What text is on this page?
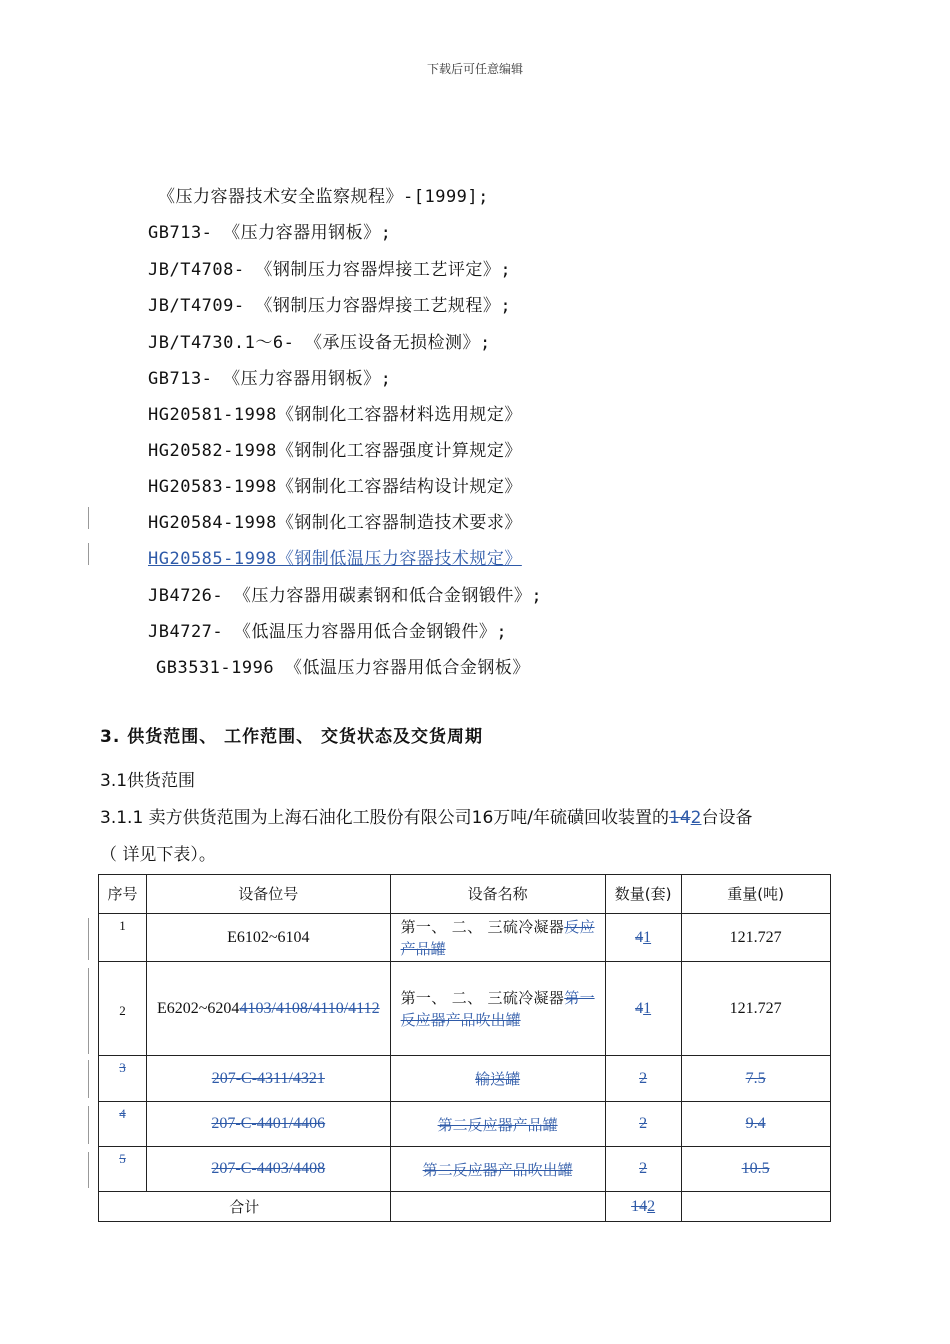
下载后可任意编辑
《压力容器技术安全监察规程》-[1999];
GB713- 《压力容器用钢板》;
JB/T4708- 《钢制压力容器焊接工艺评定》;
JB/T4709- 《钢制压力容器焊接工艺规程》;
JB/T4730.1～6- 《承压设备无损检测》;
GB713- 《压力容器用钢板》;
HG20581-1998《钢制化工容器材料选用规定》
HG20582-1998《钢制化工容器强度计算规定》
HG20583-1998《钢制化工容器结构设计规定》
HG20584-1998《钢制化工容器制造技术要求》
HG20585-1998《钢制低温压力容器技术规定》
JB4726- 《压力容器用碳素钢和低合金钢锻件》;
JB4727- 《低温压力容器用低合金钢锻件》;
GB3531-1996 《低温压力容器用低合金钢板》
3. 供货范围、 工作范围、 交货状态及交货周期
3.1供货范围
3.1.1 卖方供货范围为上海石油化工股份有限公司16万吨/年硫磺回收装置的142台设备
（ 详见下表）。
序号	设备位号	设备名称	数量(套)	重量(吨)
1	E6102~6104	第一、 二、 三硫冷凝器反应产品罐	41	121.727
2	E6202~62044103/4108/4110/4112	第一、 二、 三硫冷凝器第一反应器产品吹出罐	41	121.727
3	207-C-4311/4321	输送罐	2	7.5
4	207-C-4401/4406	第二反应器产品罐	2	9.4
5	207-C-4403/4408	第二反应器产品吹出罐	2	10.5
合计			142	
